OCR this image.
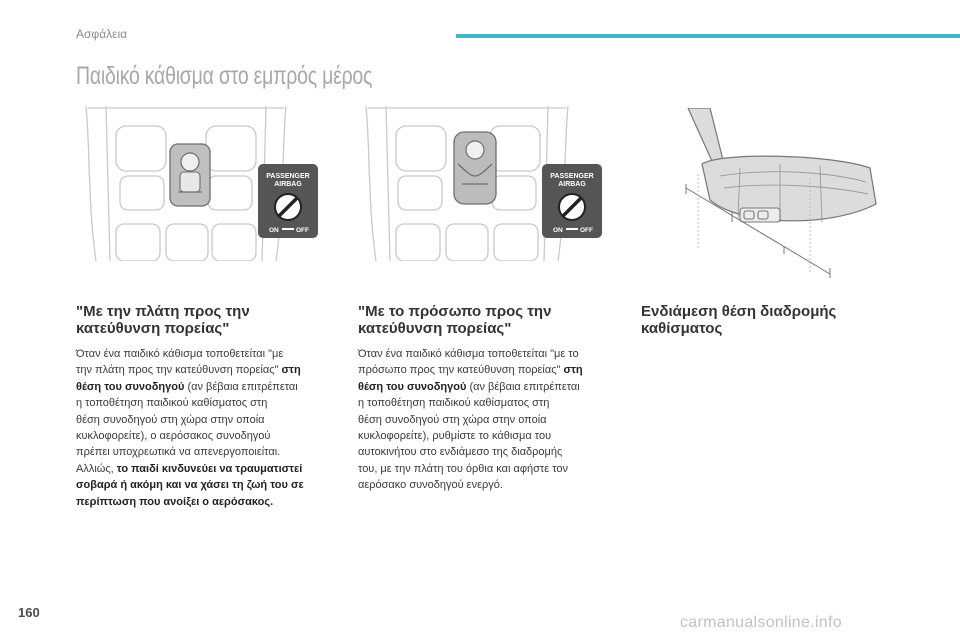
Ασφάλεια
Παιδικό κάθισμα στο εμπρός μέρος
PASSENGER
AIRBAG
ON	OFF
PASSENGER
AIRBAG
ON	OFF
"Με την πλάτη προς την
κατεύθυνση πορείας"
Όταν ένα παιδικό κάθισμα τοποθετείται "με
την πλάτη προς την κατεύθυνση πορείας" στη
θέση του συνοδηγού (αν βέβαια επιτρέπεται
η τοποθέτηση παιδικού καθίσματος στη
θέση συνοδηγού στη χώρα στην οποία
κυκλοφορείτε), ο αερόσακος συνοδηγού
πρέπει υποχρεωτικά να απενεργοποιείται.
Αλλιώς, το παιδί κινδυνεύει να τραυματιστεί
σοβαρά ή ακόμη και να χάσει τη ζωή του σε
περίπτωση που ανοίξει ο αερόσακος.
"Με το πρόσωπο προς την
κατεύθυνση πορείας"
Όταν ένα παιδικό κάθισμα τοποθετείται "με το
πρόσωπο προς την κατεύθυνση πορείας" στη
θέση του συνοδηγού (αν βέβαια επιτρέπεται
η τοποθέτηση παιδικού καθίσματος στη
θέση συνοδηγού στη χώρα στην οποία
κυκλοφορείτε), ρυθμίστε το κάθισμα του
αυτοκινήτου στο ενδιάμεσο της διαδρομής
του, με την πλάτη του όρθια και αφήστε τον
αερόσακο συνοδηγού ενεργό.
Ενδιάμεση θέση διαδρομής
καθίσματος
160
carmanualsonline.info
